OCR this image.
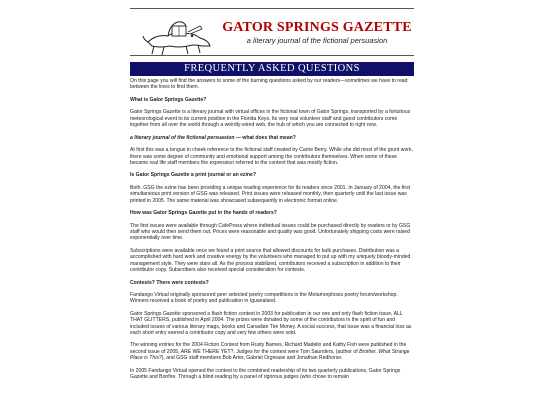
GATOR SPRINGS GAZETTE
a literary journal of the fictional persuasion
FREQUENTLY ASKED QUESTIONS

On this page you will find the answers to some of the burning questions asked by our readers—sometimes we have to read between the lines to find them.

What is Gator Springs Gazette?

Gator Springs Gazette is a literary journal with virtual offices in the fictional town of Gator Springs, transported by a fortuitous meteorological event to its current position in the Florida Keys. Its very real volunteer staff and guest contributors come together from all over the world through a weirdly-wired web, the hub of which you are connected to right now.

a literary journal of the fictional persuasion — what does that mean?

At first this was a tongue in cheek reference to the fictional staff created by Carrie Berry. While she did most of the grunt work, there was some degree of community and emotional support among the contributors themselves. When some of these became real life staff members the expression referred to the content that was mostly fiction.

Is Gator Springs Gazette a print journal or an ezine?

Both. GSG the ezine has been providing a unique reading experience for its readers since 2001. In January of 2004, the first simultaneous print version of GSG was released. Print issues were released monthly, then quarterly until the last issue was printed in 2005. The same material was showcased subsequently in electronic format online.

How was Gator Springs Gazette put in the hands of readers?

The first issues were available through CafePress where individual issues could be purchased directly by readers or by GSG staff who would then send them out. Prices were reasonable and quality was good. Unfortunately shipping costs were raised exponentially over time.

Subscriptions were available once we found a print source that allowed discounts for bulk purchases. Distribution was a accomplished with hard work and creative energy by the volunteers who managed to put up with my uniquely bloody-minded management style. They were stars all. As the process stabilized, contributors received a subscription in addition to their contributor copy. Subscribers also received special consideration for contests.

Contests? There were contests?

Fandango Virtual originally sponsored peer selected poetry competitions in the Metamorphosis poetry forum/workshop. Winners received a book of poetry and publication in Iguanaland.

Gator Springs Gazette sponsored a flash fiction contest in 2003 for publication in our one and only flash fiction issue, ALL THAT GLITTERS, published in April 2004. The prizes were donated by some of the contributors in the spirit of fun and included issues of various literary mags, books and Canadian Tire Money. A social success, that issue was a financial loss as each short entry earned a contributor copy and very few others were sold.

The winning entries for the 2004 Fiction Contest from Rusty Barnes, Richard Madelin and Kathy Fish were published in the second issue of 2005, ARE WE THERE YET?. Judges for the contest were Tom Saunders, (author of Brother, What Strange Place is This?), and GSG staff members Bob Arter, Gabriel Orgrease and Jonathan Redhorse.

In 2005 Fandango Virtual opened the contest to the combined readership of its two quarterly publications, Gator Springs Gazette and Bonfire. Through a blind reading by a panel of rigorous judges (who chose to remain
